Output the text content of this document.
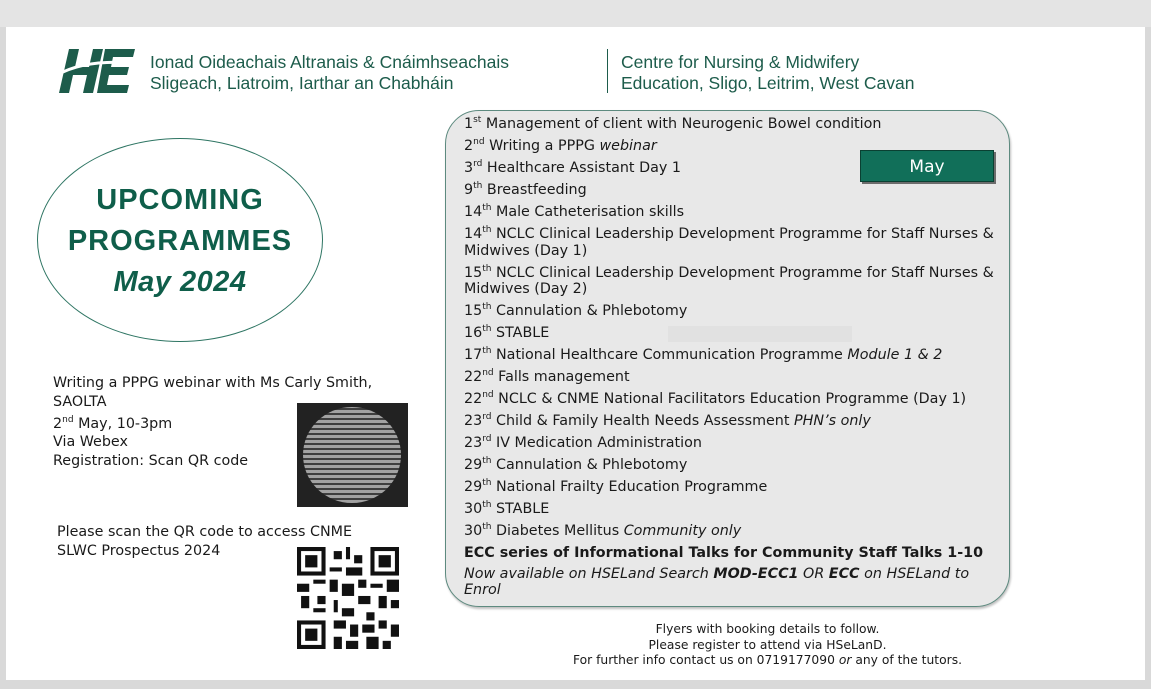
Ionad Oideachais Altranais & Cnáimhseachais
Sligeach, Liatroim, Iarthar an Chabháin
Centre for Nursing & Midwifery
Education, Sligo, Leitrim, West Cavan
UPCOMING
PROGRAMMES
May 2024
Writing a PPPG webinar with Ms Carly Smith,
SAOLTA
2nd May, 10-3pm
Via Webex
Registration: Scan QR code
Please scan the QR code to access CNME
SLWC Prospectus 2024
May
1st Management of client with Neurogenic Bowel condition
2nd Writing a PPPG webinar
3rd Healthcare Assistant Day 1
9th Breastfeeding
14th Male Catheterisation skills
14th NCLC Clinical Leadership Development Programme for Staff Nurses & Midwives (Day 1)
15th NCLC Clinical Leadership Development Programme for Staff Nurses & Midwives (Day 2)
15th Cannulation & Phlebotomy
16th STABLE
17th National Healthcare Communication Programme Module 1 & 2
22nd Falls management
22nd NCLC & CNME National Facilitators Education Programme (Day 1)
23rd Child & Family Health Needs Assessment PHN’s only
23rd IV Medication Administration
29th Cannulation & Phlebotomy
29th National Frailty Education Programme
30th STABLE
30th Diabetes Mellitus Community only
ECC series of Informational Talks for Community Staff Talks 1-10
Now available on HSELand Search MOD-ECC1 OR ECC on HSELand to Enrol
Flyers with booking details to follow.
Please register to attend via HSeLanD.
For further info contact us on 0719177090 or any of the tutors.
